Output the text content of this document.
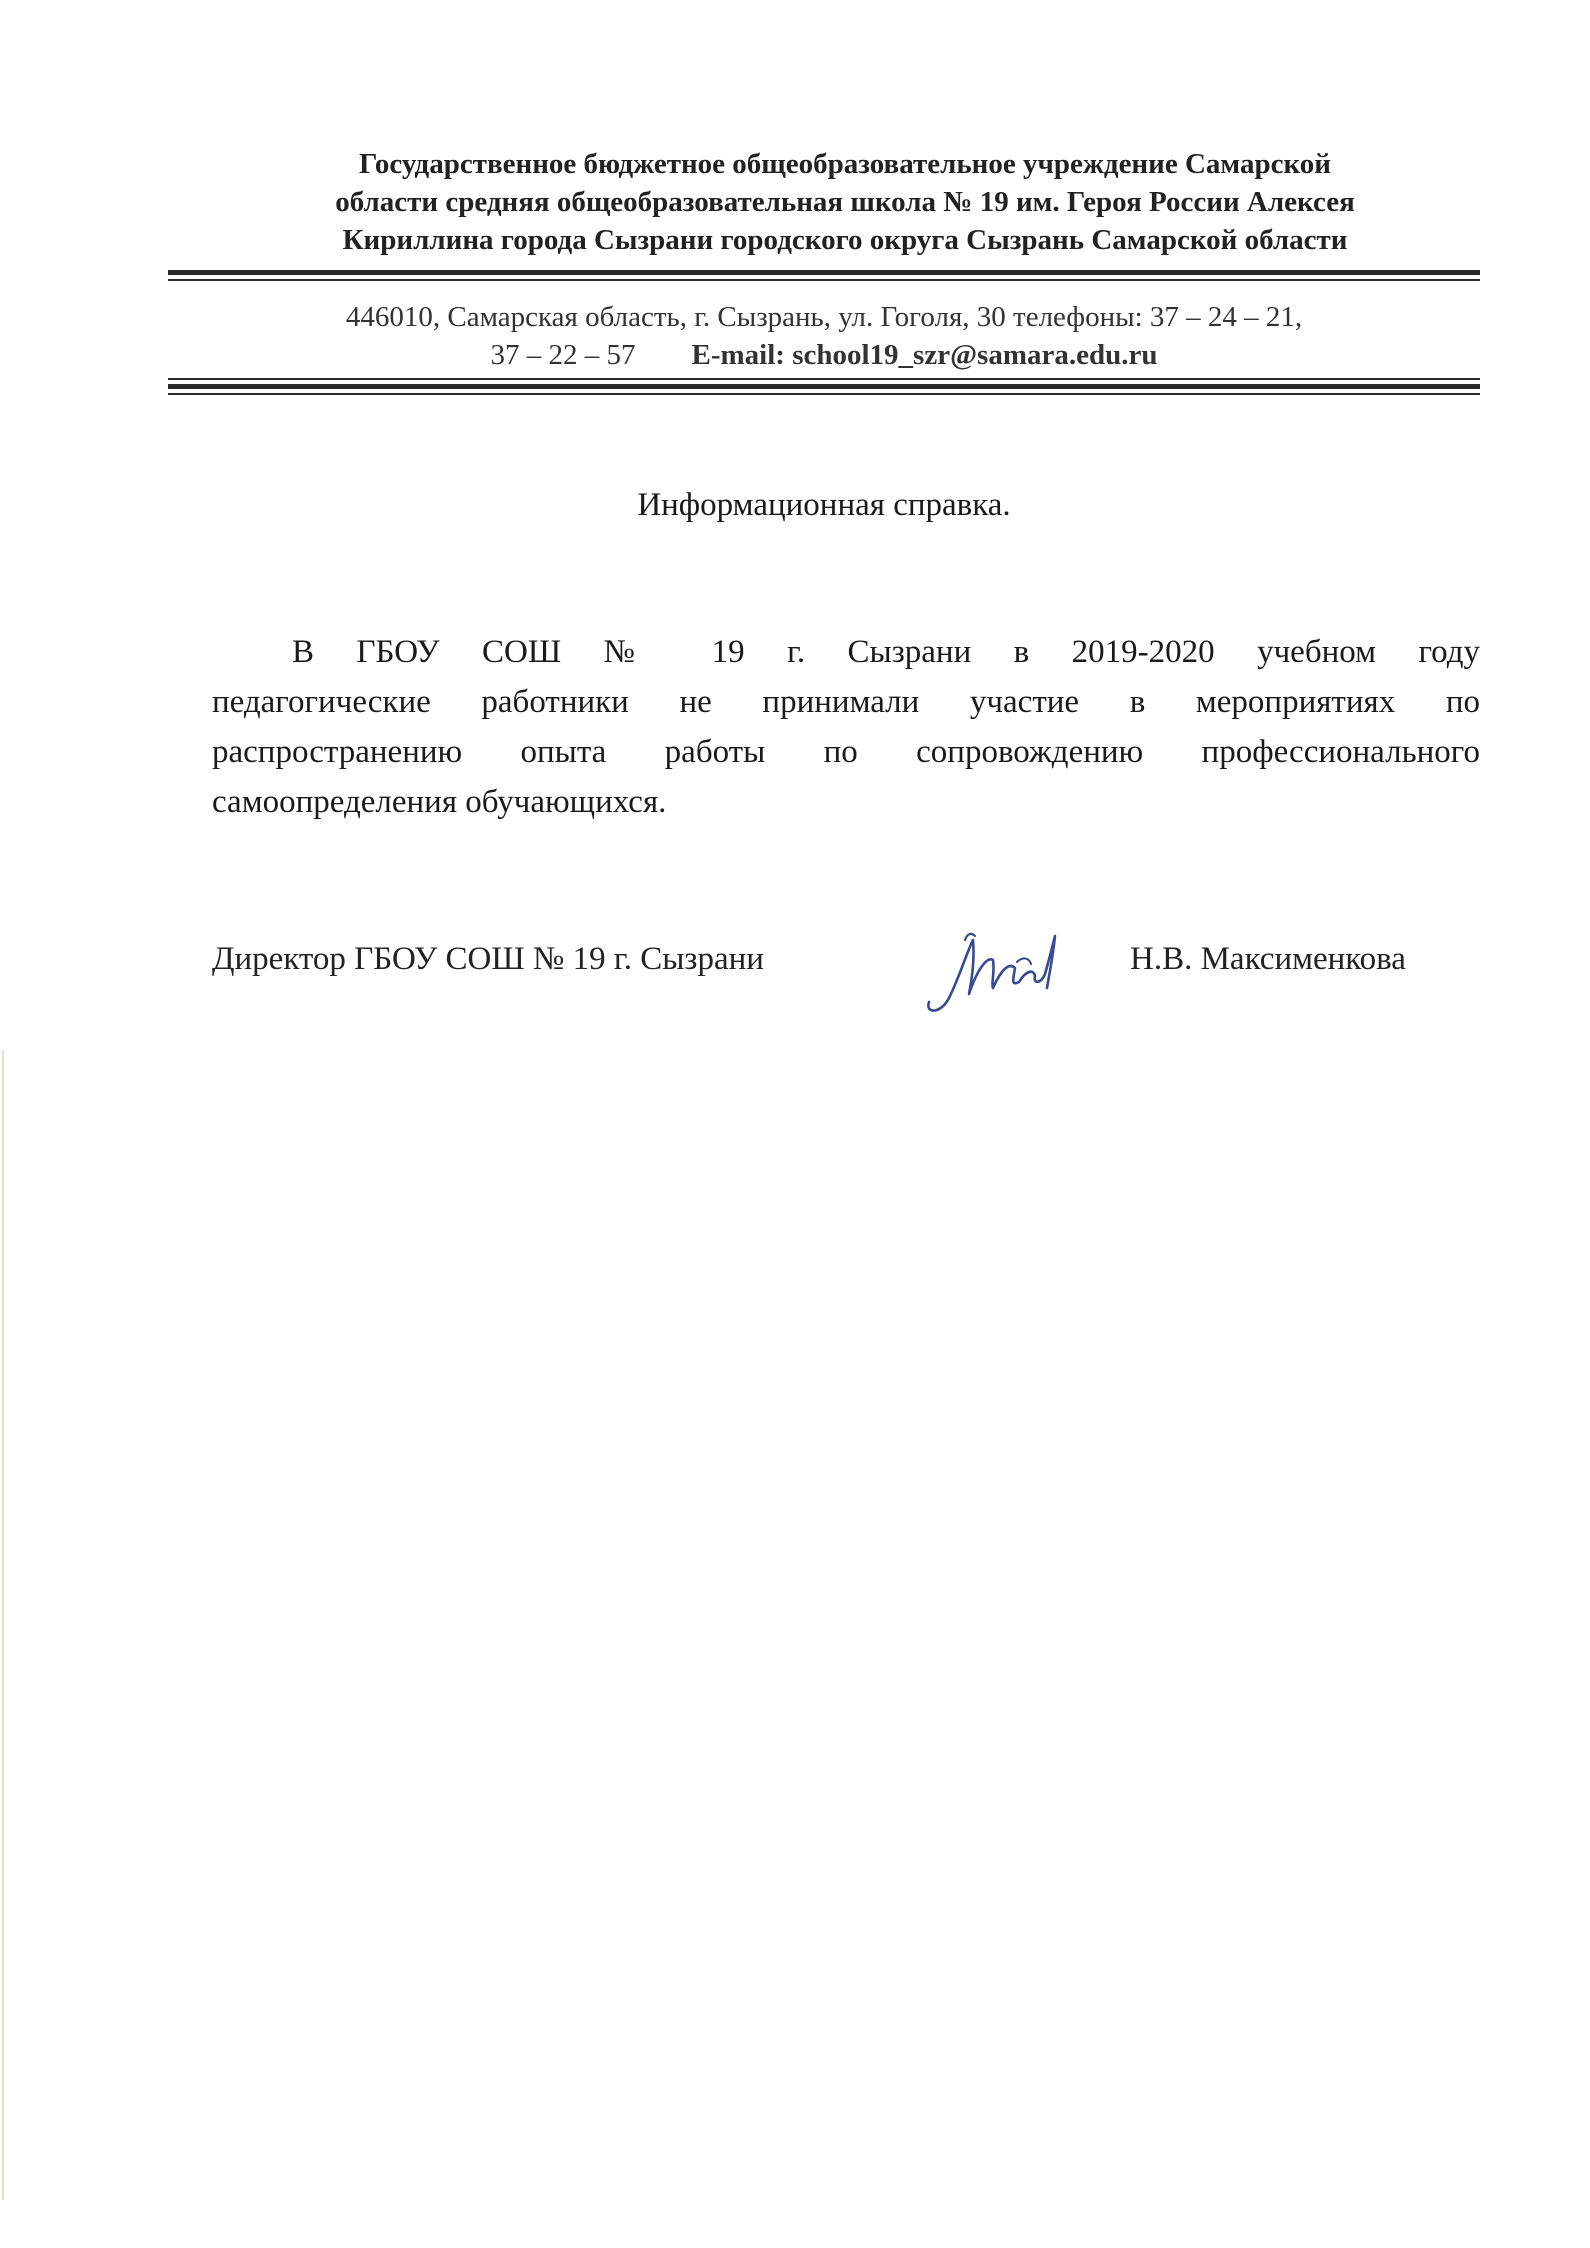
Государственное бюджетное общеобразовательное учреждение Самарской
области средняя общеобразовательная школа № 19 им. Героя России Алексея
Кириллина города Сызрани городского округа Сызрань Самарской области
446010, Самарская область, г. Сызрань, ул. Гоголя, 30 телефоны: 37 – 24 – 21,
37 – 22 – 57 E-mail: school19_szr@samara.edu.ru
Информационная справка.
В ГБОУ СОШ № 19 г. Сызрани в 2019-2020 учебном году
педагогические работники не принимали участие в мероприятиях по
распространению опыта работы по сопровождению профессионального
самоопределения обучающихся.
Директор ГБОУ СОШ № 19 г. Сызрани	Н.В. Максименкова
